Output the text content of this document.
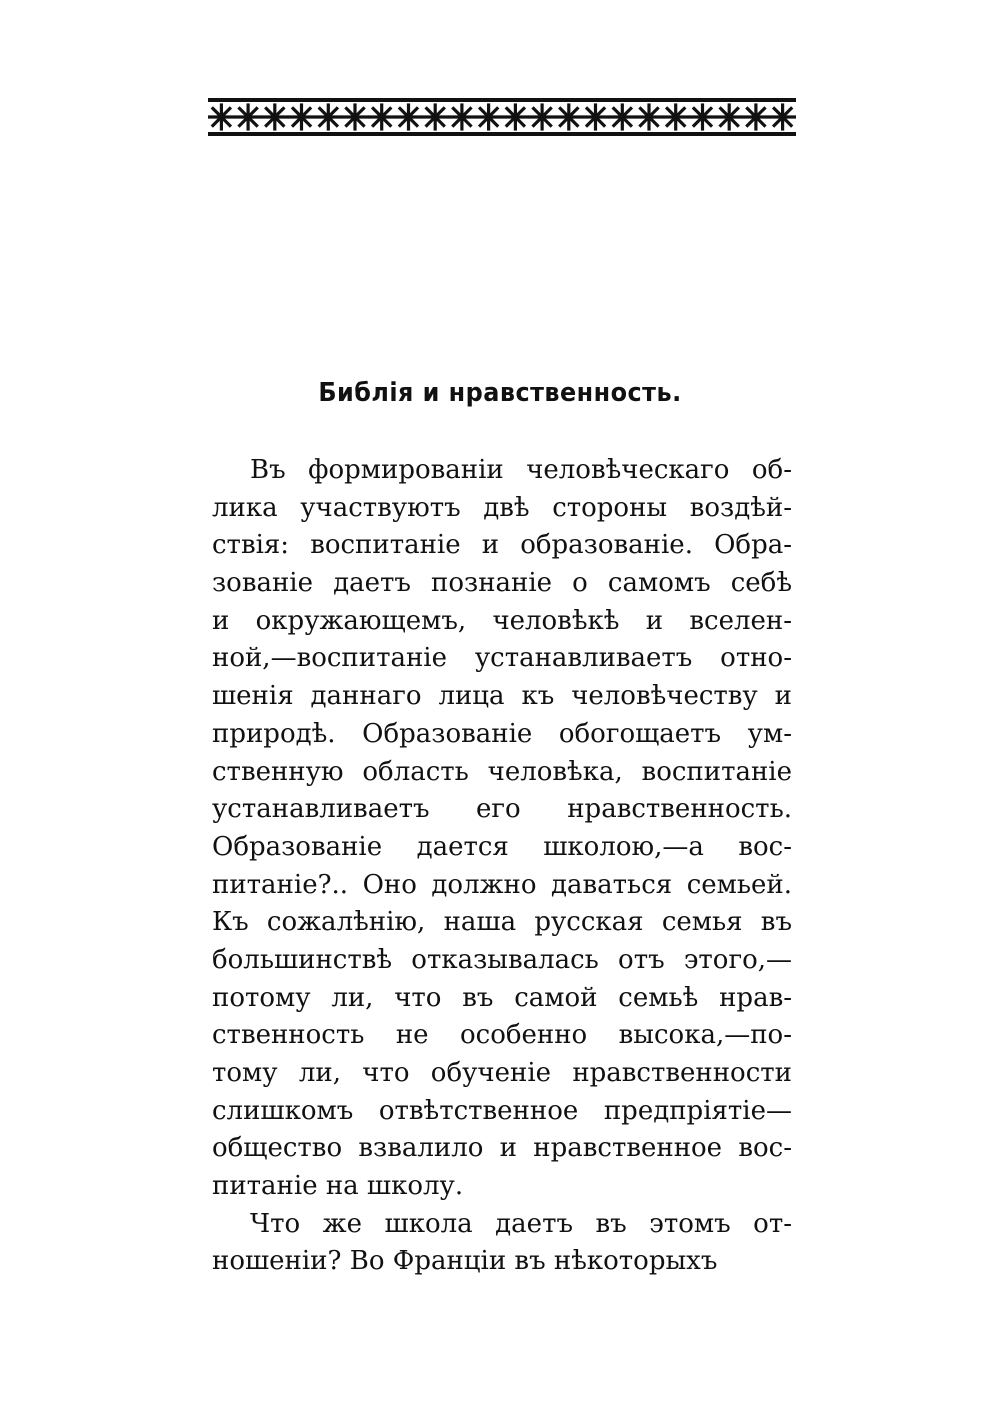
Библія и нравственность.
Въ формированіи человѣческаго об-
лика участвуютъ двѣ стороны воздѣй-
ствія: воспитаніе и образованіе. Обра-
зованіе даетъ познаніе о самомъ себѣ
и окружающемъ, человѣкѣ и вселен-
ной,—воспитаніе устанавливаетъ отно-
шенія даннаго лица къ человѣчеству и
природѣ. Образованіе обогощаетъ ум-
ственную область человѣка, воспитаніе
устанавливаетъ его нравственность.
Образованіе дается школою,—а вос-
питаніе?.. Оно должно даваться семьей.
Къ сожалѣнію, наша русская семья въ
большинствѣ отказывалась отъ этого,—
потому ли, что въ самой семьѣ нрав-
ственность не особенно высока,—по-
тому ли, что обученіе нравственности
слишкомъ отвѣтственное предпріятіе—
общество взвалило и нравственное вос-
питаніе на школу.
Что же школа даетъ въ этомъ от-
ношеніи? Во Франціи въ нѣкоторыхъ
